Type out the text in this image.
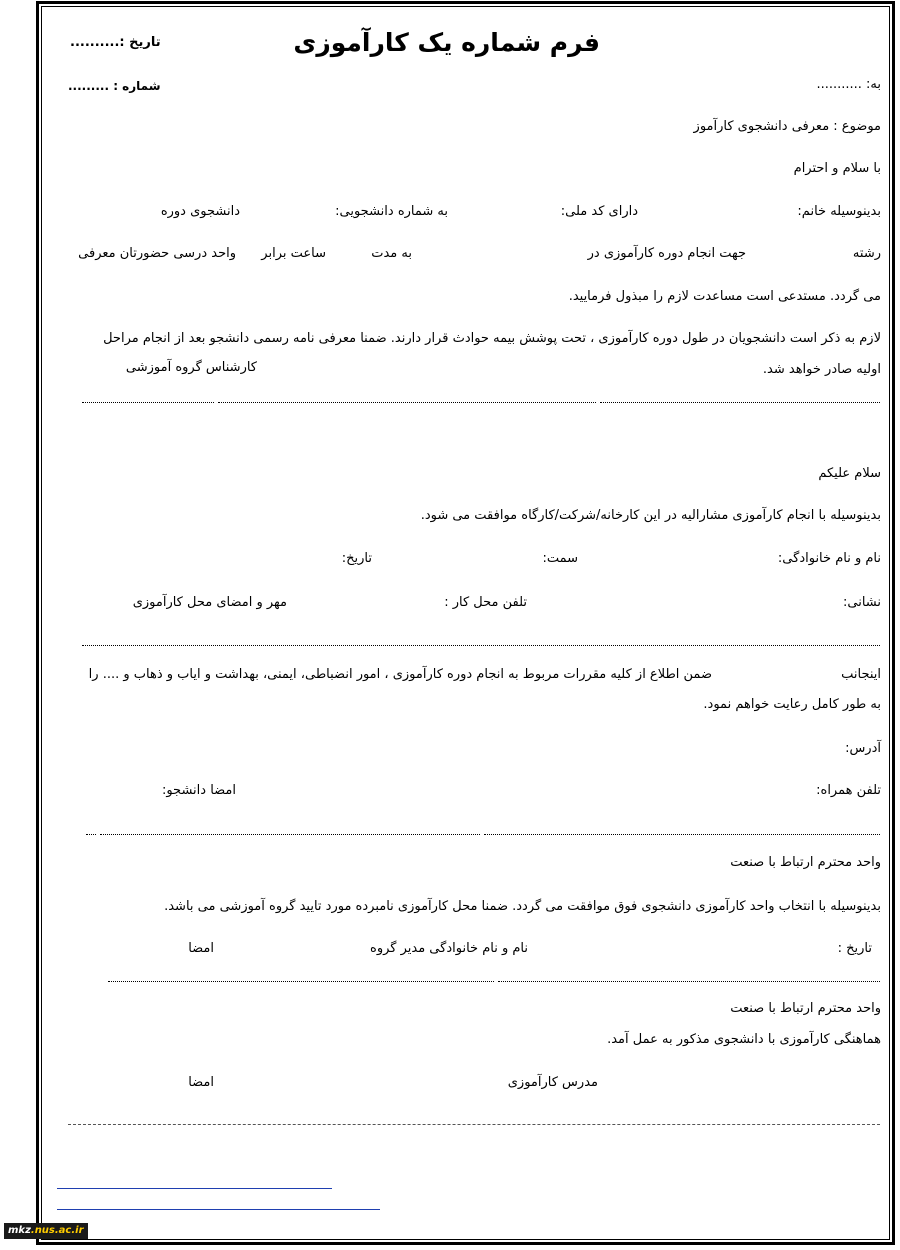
فرم شماره یک کارآموزی
تاریخ :..........
شماره : .........	به: ...........
موضوع : معرفی دانشجوی کارآموز
با سلام و احترام
بدینوسیله خانم:
دارای کد ملی:
به شماره دانشجویی:
دانشجوی دوره
رشته
جهت انجام دوره کارآموزی در
به مدت
ساعت برابر
واحد درسی حضورتان معرفی
می گردد. مستدعی است مساعدت لازم را مبذول فرمایید.
لازم به ذکر است دانشجویان در طول دوره کارآموزی ، تحت پوشش بیمه حوادث قرار دارند. ضمنا معرفی نامه رسمی دانشجو بعد از انجام مراحل
اولیه صادر خواهد شد.
کارشناس گروه آموزشی
سلام علیکم
بدینوسیله با انجام کارآموزی مشارالیه در این کارخانه/شرکت/کارگاه موافقت می شود.
نام و نام خانوادگی:
سمت:
تاریخ:
نشانی:
تلفن محل کار :
مهر و امضای محل کارآموزی
اینجانب
ضمن اطلاع از کلیه مقررات مربوط به انجام دوره کارآموزی ، امور انضباطی، ایمنی، بهداشت و ایاب و ذهاب و .... را
به طور کامل رعایت خواهم نمود.
آدرس:
تلفن همراه:
امضا دانشجو:
واحد محترم ارتباط با صنعت
بدینوسیله با انتخاب واحد کارآموزی دانشجوی فوق موافقت می گردد. ضمنا محل کارآموزی نامبرده مورد تایید گروه آموزشی می باشد.
تاریخ :
نام و نام خانوادگی مدیر گروه
امضا
واحد محترم ارتباط با صنعت
هماهنگی کارآموزی با دانشجوی مذکور به عمل آمد.
مدرس کارآموزی
امضا
mkz.nus.ac.ir
